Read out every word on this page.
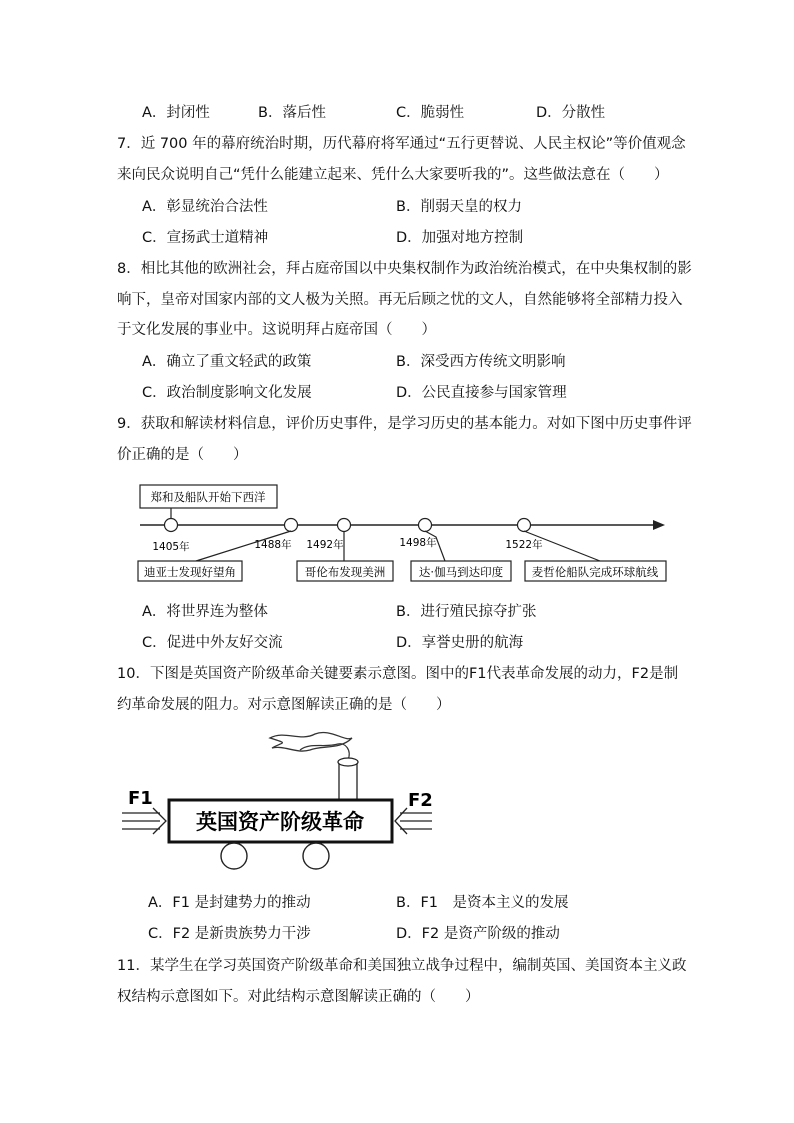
A．封闭性	B．落后性	C．脆弱性	D．分散性
7．近 700 年的幕府统治时期，历代幕府将军通过“五行更替说、人民主权论”等价值观念
来向民众说明自己“凭什么能建立起来、凭什么大家要听我的”。这些做法意在（　　）
A．彰显统治合法性	B．削弱天皇的权力
C．宣扬武士道精神	D．加强对地方控制
8．相比其他的欧洲社会，拜占庭帝国以中央集权制作为政治统治模式，在中央集权制的影
响下，皇帝对国家内部的文人极为关照。再无后顾之忧的文人，自然能够将全部精力投入
于文化发展的事业中。这说明拜占庭帝国（　　）
A．确立了重文轻武的政策	B．深受西方传统文明影响
C．政治制度影响文化发展	D．公民直接参与国家管理
9．获取和解读材料信息，评价历史事件，是学习历史的基本能力。对如下图中历史事件评
价正确的是（　　）
郑和及船队开始下西洋
1405年	1488年 1492年	1498年	1522年
迪亚士发现好望角	哥伦布发现美洲	达·伽马到达印度 麦哲伦船队完成环球航线
A．将世界连为整体	B．进行殖民掠夺扩张
C．促进中外友好交流	D．享誉史册的航海
10．下图是英国资产阶级革命关键要素示意图。图中的F1代表革命发展的动力，F2是制
约革命发展的阻力。对示意图解读正确的是（　　）
英国资产阶级革命
F1	F2
A．F1 是封建势力的推动	B．F1　是资本主义的发展
C．F2 是新贵族势力干涉	D．F2 是资产阶级的推动
11．某学生在学习英国资产阶级革命和美国独立战争过程中，编制英国、美国资本主义政
权结构示意图如下。对此结构示意图解读正确的（　　）
